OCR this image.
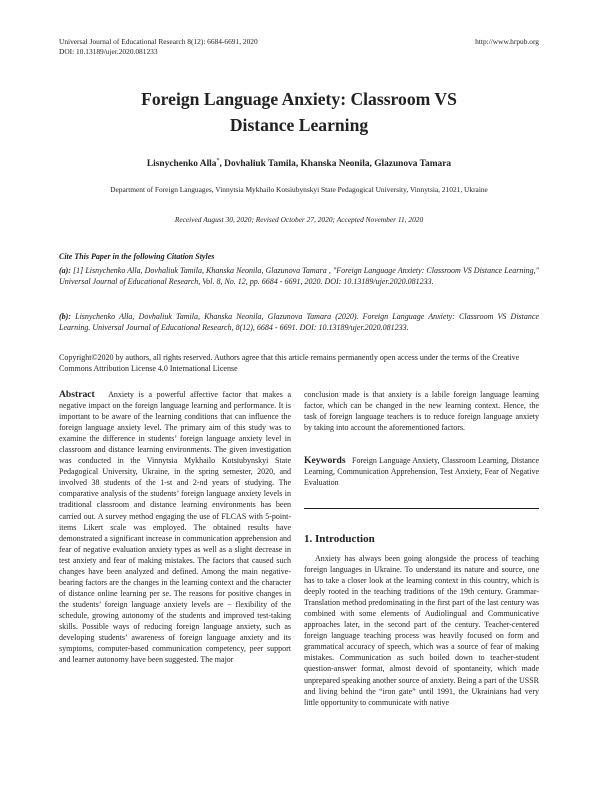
Universal Journal of Educational Research 8(12): 6684-6691, 2020
DOI: 10.13189/ujer.2020.081233
http://www.hrpub.org
Foreign Language Anxiety: Classroom VS
Distance Learning
Lisnychenko Alla*, Dovhaliuk Tamila, Khanska Neonila, Glazunova Tamara
Department of Foreign Languages, Vinnytsia Mykhailo Kotsiubynskyi State Pedagogical University, Vinnytsia, 21021, Ukraine
Received August 30, 2020; Revised October 27, 2020; Accepted November 11, 2020
Cite This Paper in the following Citation Styles
(a): [1] Lisnychenko Alla, Dovhaliuk Tamila, Khanska Neonila, Glazunova Tamara , "Foreign Language Anxiety: Classroom VS Distance Learning," Universal Journal of Educational Research, Vol. 8, No. 12, pp. 6684 - 6691, 2020. DOI: 10.13189/ujer.2020.081233.
(b): Lisnychenko Alla, Dovhaliuk Tamila, Khanska Neonila, Glazunova Tamara (2020). Foreign Language Anxiety: Classroom VS Distance Learning. Universal Journal of Educational Research, 8(12), 6684 - 6691. DOI: 10.13189/ujer.2020.081233.
Copyright©2020 by authors, all rights reserved. Authors agree that this article remains permanently open access under the terms of the Creative Commons Attribution License 4.0 International License
Abstract Anxiety is a powerful affective factor that makes a negative impact on the foreign language learning and performance. It is important to be aware of the learning conditions that can influence the foreign language anxiety level. The primary aim of this study was to examine the difference in students’ foreign language anxiety level in classroom and distance learning environments. The given investigation was conducted in the Vinnytsia Mykhailo Kotsiubynskyi State Pedagogical University, Ukraine, in the spring semester, 2020, and involved 38 students of the 1-st and 2-nd years of studying. The comparative analysis of the students’ foreign language anxiety levels in traditional classroom and distance learning environments has been carried out. A survey method engaging the use of FLCAS with 5-point-items Likert scale was employed. The obtained results have demonstrated a significant increase in communication apprehension and fear of negative evaluation anxiety types as well as a slight decrease in test anxiety and fear of making mistakes. The factors that caused such changes have been analyzed and defined. Among the main negative-bearing factors are the changes in the learning context and the character of distance online learning per se. The reasons for positive changes in the students’ foreign language anxiety levels are − flexibility of the schedule, growing autonomy of the students and improved test-taking skills. Possible ways of reducing foreign language anxiety, such as developing students’ awareness of foreign language anxiety and its symptoms, computer-based communication competency, peer support and learner autonomy have been suggested. The major
conclusion made is that anxiety is a labile foreign language learning factor, which can be changed in the new learning context. Hence, the task of foreign language teachers is to reduce foreign language anxiety by taking into account the aforementioned factors.
Keywords Foreign Language Anxiety, Classroom Learning, Distance Learning, Communication Apprehension, Test Anxiety, Fear of Negative Evaluation
1. Introduction
Anxiety has always been going alongside the process of teaching foreign languages in Ukraine. To understand its nature and source, one has to take a closer look at the learning context in this country, which is deeply rooted in the teaching traditions of the 19th century. Grammar-Translation method predominating in the first part of the last century was combined with some elements of Audiolingual and Communicative approaches later, in the second part of the century. Teacher-centered foreign language teaching process was heavily focused on form and grammatical accuracy of speech, which was a source of fear of making mistakes. Communication as such boiled down to teacher-student question-answer format, almost devoid of spontaneity, which made unprepared speaking another source of anxiety. Being a part of the USSR and living behind the “iron gate” until 1991, the Ukrainians had very little opportunity to communicate with native
